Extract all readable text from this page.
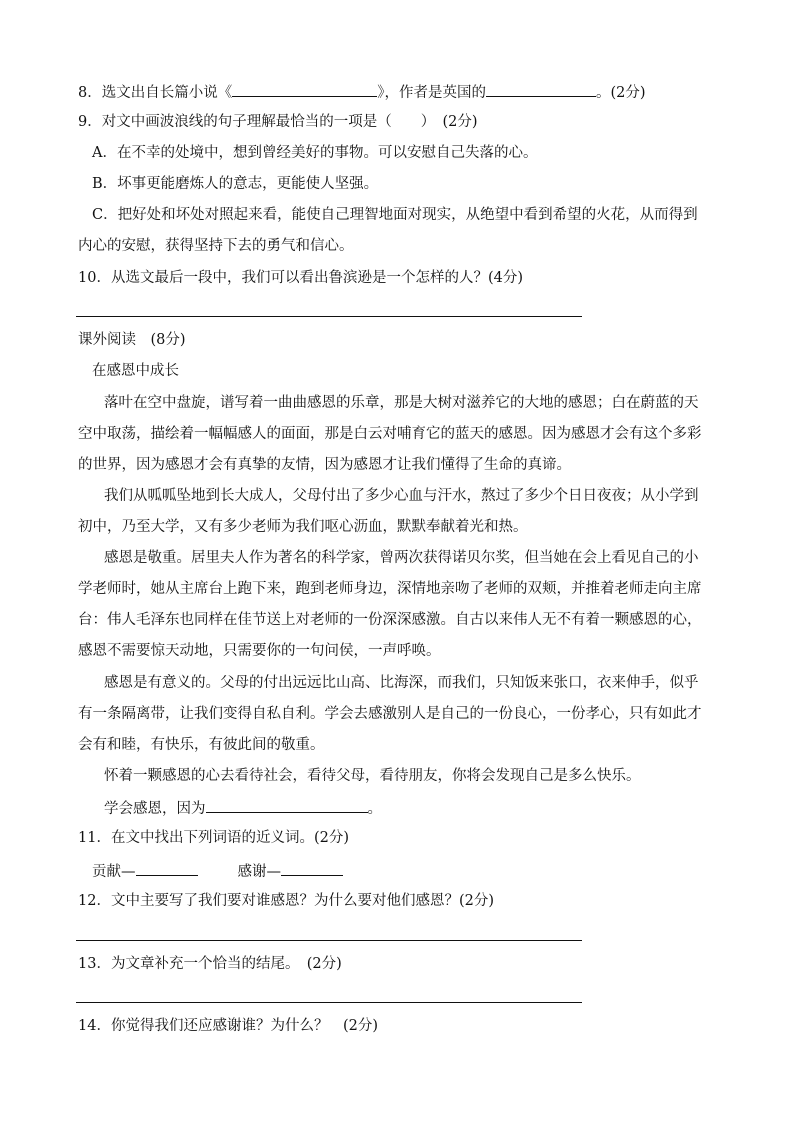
8．选文出自长篇小说《	》，作者是英国的	。(2分)
9．对文中画波浪线的句子理解最恰当的一项是（　　）　(2分)
A．在不幸的处境中，想到曾经美好的事物。可以安慰自己失落的心。
B．坏事更能磨炼人的意志，更能使人坚强。
C．把好处和坏处对照起来看，能使自己理智地面对现实，从绝望中看到希望的火花，从而得到
内心的安慰，获得坚持下去的勇气和信心。
10．从选文最后一段中，我们可以看出鲁滨逊是一个怎样的人？(4分)
课外阅读　(8分)
在感恩中成长
落叶在空中盘旋，谱写着一曲曲感恩的乐章，那是大树对滋养它的大地的感恩；白在蔚蓝的天
空中取荡，描绘着一幅幅感人的面面，那是白云对哺育它的蓝天的感恩。因为感恩才会有这个多彩
的世界，因为感恩才会有真挚的友情，因为感恩才让我们懂得了生命的真谛。
我们从呱呱坠地到长大成人，父母付出了多少心血与汗水，熬过了多少个日日夜夜；从小学到
初中，乃至大学，又有多少老师为我们呕心沥血，默默奉献着光和热。
感恩是敬重。居里夫人作为著名的科学家，曾两次获得诺贝尔奖，但当她在会上看见自己的小
学老师时，她从主席台上跑下来，跑到老师身边，深情地亲吻了老师的双颊，并推着老师走向主席
台：伟人毛泽东也同样在佳节送上对老师的一份深深感激。自古以来伟人无不有着一颗感恩的心，
感恩不需要惊天动地，只需要你的一句问侯，一声呼唤。
感恩是有意义的。父母的付出远远比山高、比海深，而我们，只知饭来张口，衣来伸手，似乎
有一条隔离带，让我们变得自私自利。学会去感激别人是自己的一份良心，一份孝心，只有如此才
会有和睦，有快乐，有彼此间的敬重。
怀着一颗感恩的心去看待社会，看待父母，看待朋友，你将会发现自己是多么快乐。
学会感恩，因为	。
11．在文中找出下列词语的近义词。(2分)
贡献—	感谢—
12．文中主要写了我们要对谁感恩？为什么要对他们感恩？(2分)
13．为文章补充一个恰当的结尾。　(2分)
14．你觉得我们还应感谢谁？为什么？　(2分)
